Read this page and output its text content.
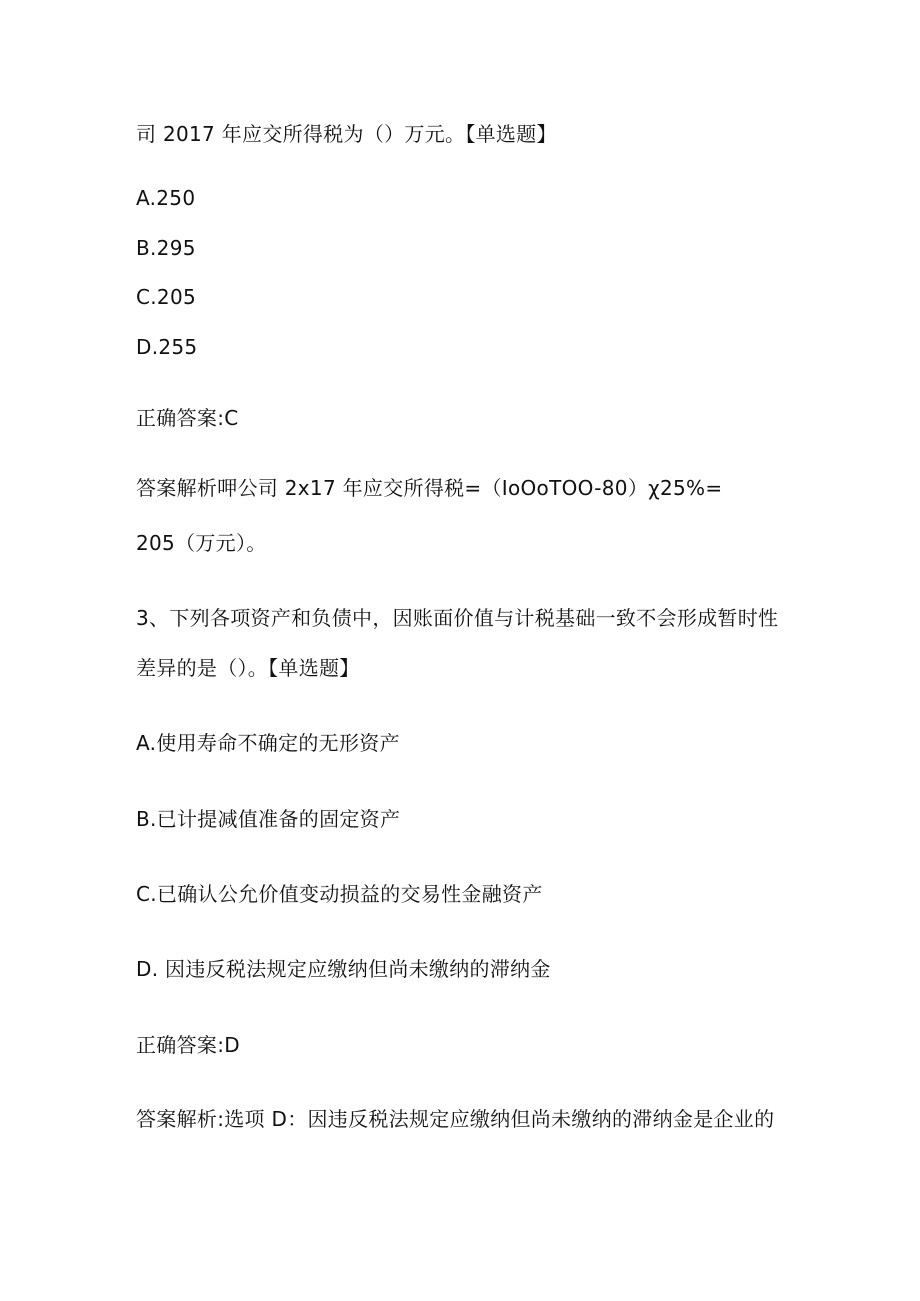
司 2017 年应交所得税为（）万元。【单选题】
A.250
B.295
C.205
D.255
正确答案:C
答案解析呷公司 2x17 年应交所得税=（IoOoTOO-80）χ25%=
205（万元）。
3、下列各项资产和负债中，因账面价值与计税基础一致不会形成暂时性
差异的是（）。【单选题】
A.使用寿命不确定的无形资产
B.已计提减值准备的固定资产
C.已确认公允价值变动损益的交易性金融资产
D. 因违反税法规定应缴纳但尚未缴纳的滞纳金
正确答案:D
答案解析:选项 D：因违反税法规定应缴纳但尚未缴纳的滞纳金是企业的
